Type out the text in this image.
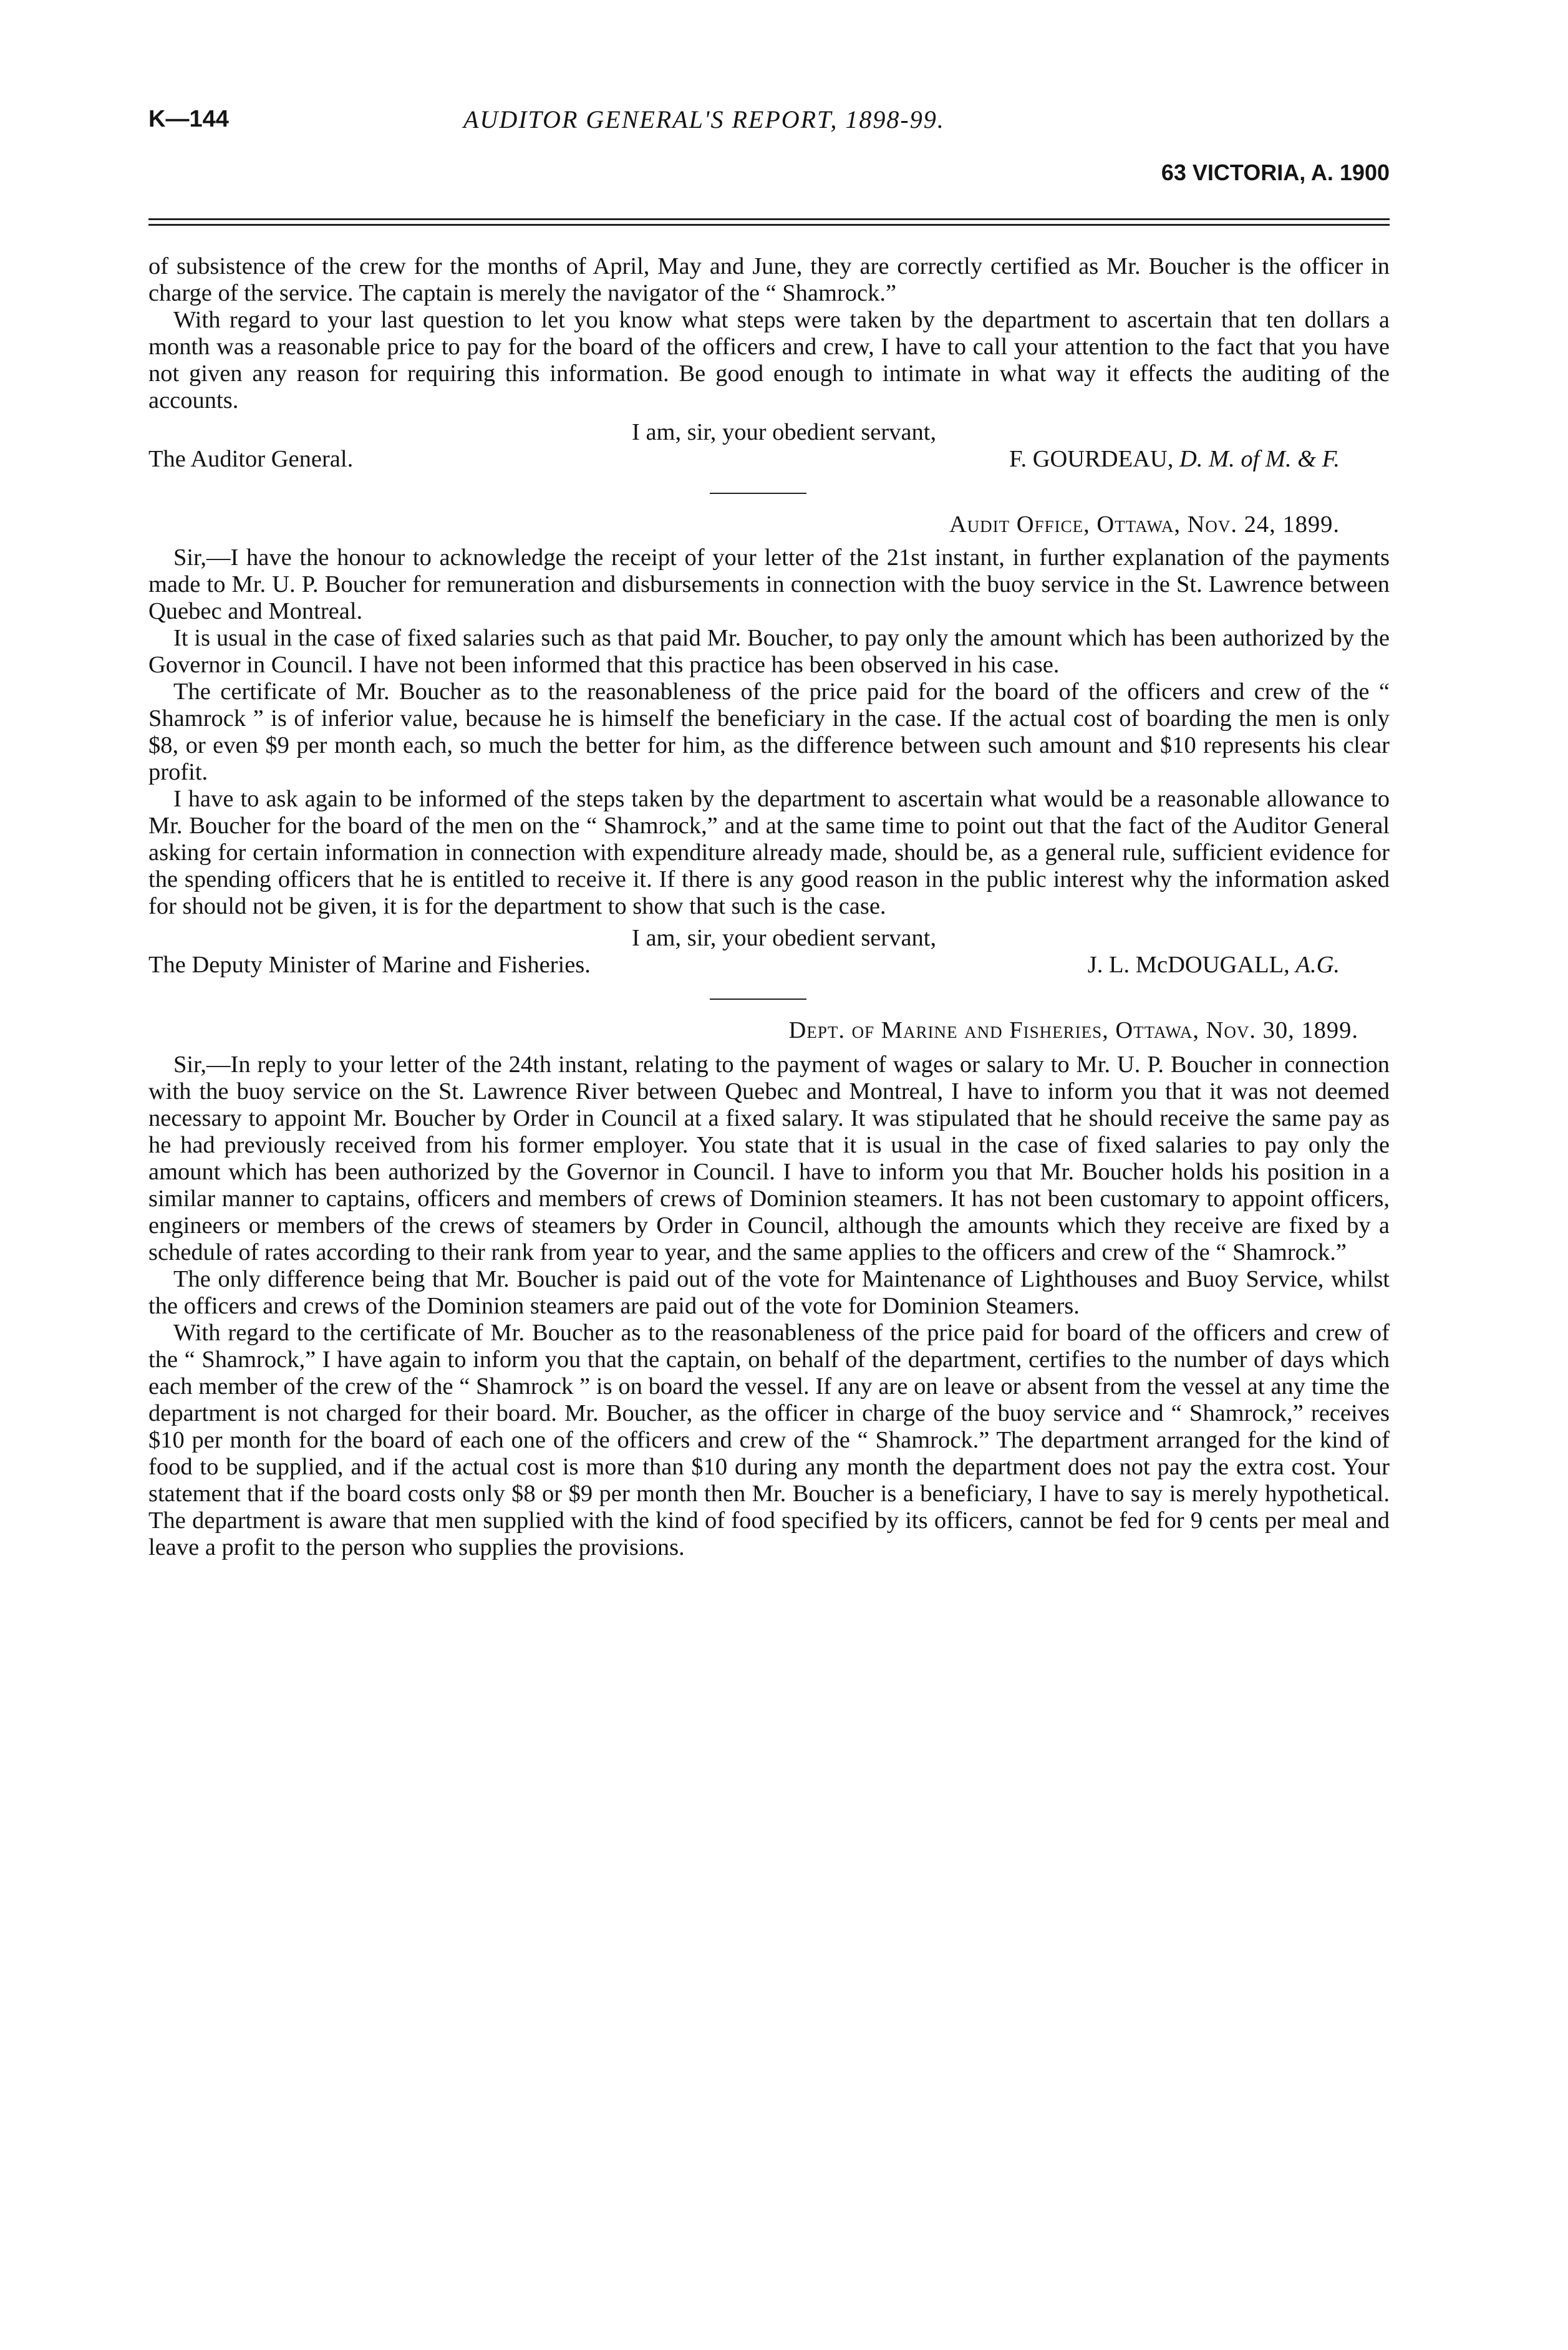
K—144	AUDITOR GENERAL'S REPORT, 1898-99.
63 VICTORIA, A. 1900

of subsistence of the crew for the months of April, May and June, they are correctly certified as Mr. Boucher is the officer in charge of the service. The captain is merely the navigator of the “ Shamrock.”

With regard to your last question to let you know what steps were taken by the department to ascertain that ten dollars a month was a reasonable price to pay for the board of the officers and crew, I have to call your attention to the fact that you have not given any reason for requiring this information. Be good enough to intimate in what way it effects the auditing of the accounts.

I am, sir, your obedient servant,
The Auditor General.	F. GOURDEAU, D. M. of M. & F.
Audit Office, Ottawa, Nov. 24, 1899.

Sir,—I have the honour to acknowledge the receipt of your letter of the 21st instant, in further explanation of the payments made to Mr. U. P. Boucher for remuneration and disbursements in connection with the buoy service in the St. Lawrence between Quebec and Montreal.

It is usual in the case of fixed salaries such as that paid Mr. Boucher, to pay only the amount which has been authorized by the Governor in Council. I have not been informed that this practice has been observed in his case.

The certificate of Mr. Boucher as to the reasonableness of the price paid for the board of the officers and crew of the “ Shamrock ” is of inferior value, because he is himself the beneficiary in the case. If the actual cost of boarding the men is only $8, or even $9 per month each, so much the better for him, as the difference between such amount and $10 represents his clear profit.

I have to ask again to be informed of the steps taken by the department to ascertain what would be a reasonable allowance to Mr. Boucher for the board of the men on the “ Shamrock,” and at the same time to point out that the fact of the Auditor General asking for certain information in connection with expenditure already made, should be, as a general rule, sufficient evidence for the spending officers that he is entitled to receive it. If there is any good reason in the public interest why the information asked for should not be given, it is for the department to show that such is the case.

I am, sir, your obedient servant,
The Deputy Minister of Marine and Fisheries.	J. L. McDOUGALL, A.G.
Dept. of Marine and Fisheries, Ottawa, Nov. 30, 1899.

Sir,—In reply to your letter of the 24th instant, relating to the payment of wages or salary to Mr. U. P. Boucher in connection with the buoy service on the St. Lawrence River between Quebec and Montreal, I have to inform you that it was not deemed necessary to appoint Mr. Boucher by Order in Council at a fixed salary. It was stipulated that he should receive the same pay as he had previously received from his former employer. You state that it is usual in the case of fixed salaries to pay only the amount which has been authorized by the Governor in Council. I have to inform you that Mr. Boucher holds his position in a similar manner to captains, officers and members of crews of Dominion steamers. It has not been customary to appoint officers, engineers or members of the crews of steamers by Order in Council, although the amounts which they receive are fixed by a schedule of rates according to their rank from year to year, and the same applies to the officers and crew of the “ Shamrock.”

The only difference being that Mr. Boucher is paid out of the vote for Maintenance of Lighthouses and Buoy Service, whilst the officers and crews of the Dominion steamers are paid out of the vote for Dominion Steamers.

With regard to the certificate of Mr. Boucher as to the reasonableness of the price paid for board of the officers and crew of the “ Shamrock,” I have again to inform you that the captain, on behalf of the department, certifies to the number of days which each member of the crew of the “ Shamrock ” is on board the vessel. If any are on leave or absent from the vessel at any time the department is not charged for their board. Mr. Boucher, as the officer in charge of the buoy service and “ Shamrock,” receives $10 per month for the board of each one of the officers and crew of the “ Shamrock.” The department arranged for the kind of food to be supplied, and if the actual cost is more than $10 during any month the department does not pay the extra cost. Your statement that if the board costs only $8 or $9 per month then Mr. Boucher is a beneficiary, I have to say is merely hypothetical. The department is aware that men supplied with the kind of food specified by its officers, cannot be fed for 9 cents per meal and leave a profit to the person who supplies the provisions.
